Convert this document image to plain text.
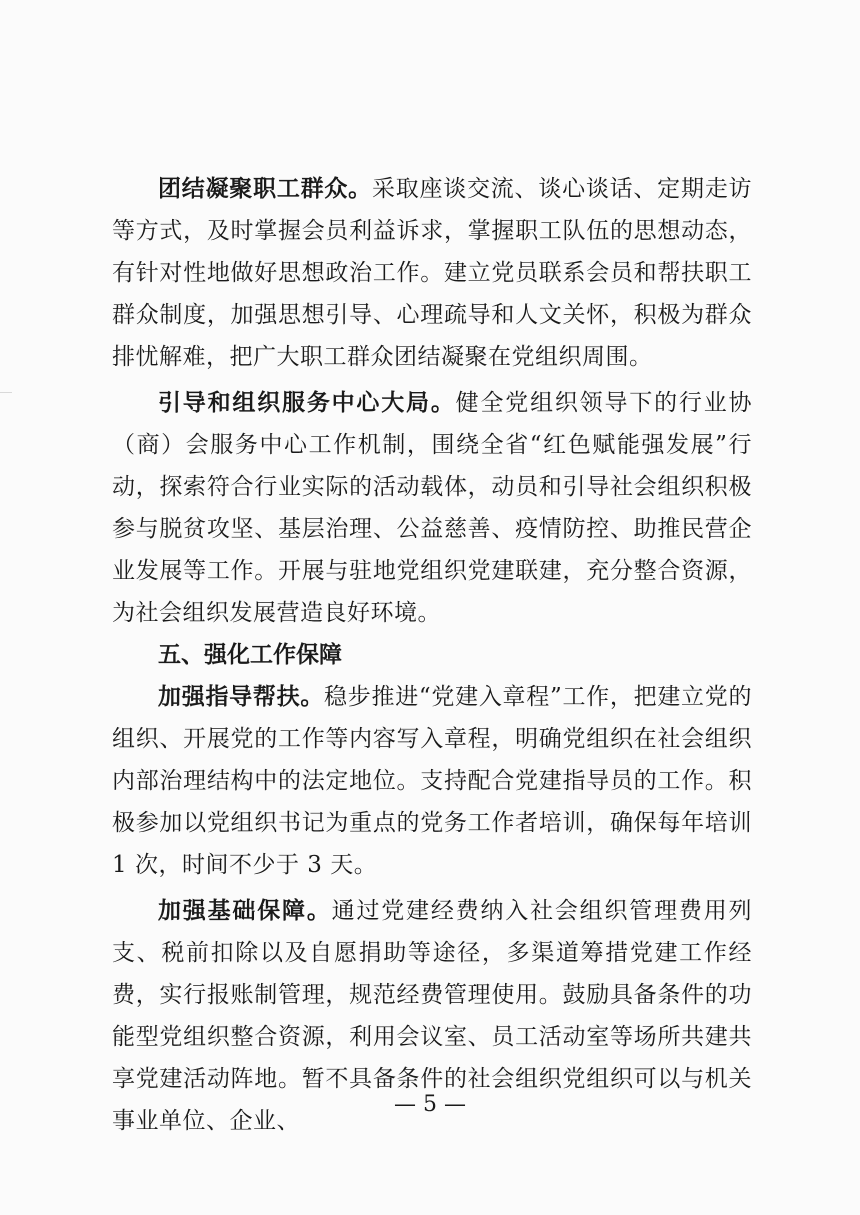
团结凝聚职工群众。采取座谈交流、谈心谈话、定期走访等方式，及时掌握会员利益诉求，掌握职工队伍的思想动态，有针对性地做好思想政治工作。建立党员联系会员和帮扶职工群众制度，加强思想引导、心理疏导和人文关怀，积极为群众排忧解难，把广大职工群众团结凝聚在党组织周围。

引导和组织服务中心大局。健全党组织领导下的行业协（商）会服务中心工作机制，围绕全省“红色赋能强发展”行动，探索符合行业实际的活动载体，动员和引导社会组织积极参与脱贫攻坚、基层治理、公益慈善、疫情防控、助推民营企业发展等工作。开展与驻地党组织党建联建，充分整合资源，为社会组织发展营造良好环境。

五、强化工作保障

加强指导帮扶。稳步推进“党建入章程”工作，把建立党的组织、开展党的工作等内容写入章程，明确党组织在社会组织内部治理结构中的法定地位。支持配合党建指导员的工作。积极参加以党组织书记为重点的党务工作者培训，确保每年培训 1 次，时间不少于 3 天。

加强基础保障。通过党建经费纳入社会组织管理费用列支、税前扣除以及自愿捐助等途径，多渠道筹措党建工作经费，实行报账制管理，规范经费管理使用。鼓励具备条件的功能型党组织整合资源，利用会议室、员工活动室等场所共建共享党建活动阵地。暂不具备条件的社会组织党组织可以与机关事业单位、企业、

— 5 —
